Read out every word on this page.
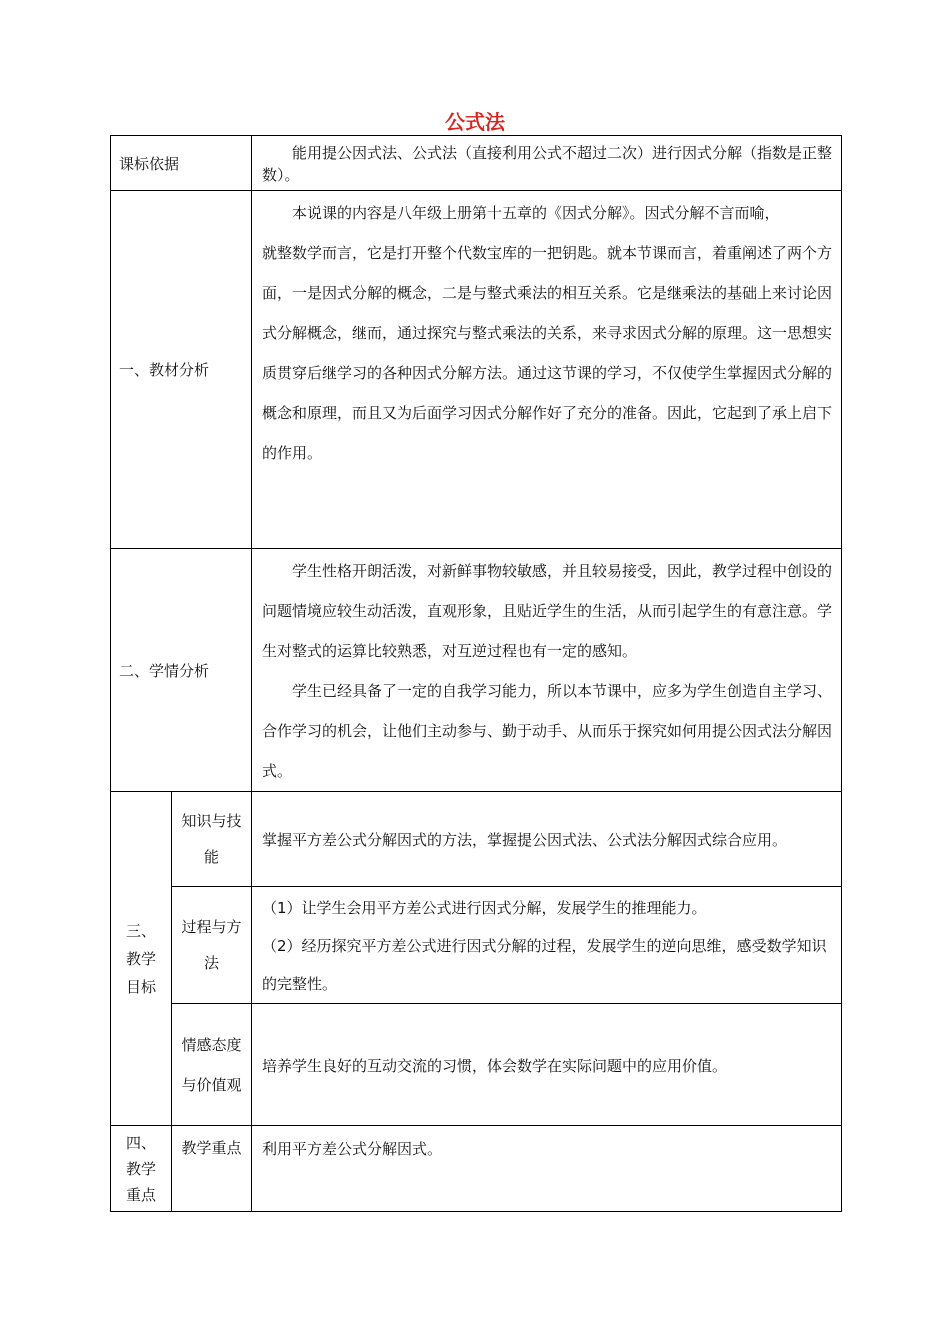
公式法
课标依据		能用提公因式法、公式法（直接利用公式不超过二次）进行因式分解（指数是正整数）。

一、教材分析		本说课的内容是八年级上册第十五章的《因式分解》。因式分解不言而喻，

就整数学而言，它是打开整个代数宝库的一把钥匙。就本节课而言，着重阐述了两个方面，一是因式分解的概念，二是与整式乘法的相互关系。它是继乘法的基础上来讨论因式分解概念，继而，通过探究与整式乘法的关系，来寻求因式分解的原理。这一思想实质贯穿后继学习的各种因式分解方法。通过这节课的学习，不仅使学生掌握因式分解的概念和原理，而且又为后面学习因式分解作好了充分的准备。因此，它起到了承上启下的作用。

二、学情分析		学生性格开朗活泼，对新鲜事物较敏感，并且较易接受，因此，教学过程中创设的问题情境应较生动活泼，直观形象，且贴近学生的生活，从而引起学生的有意注意。学生对整式的运算比较熟悉，对互逆过程也有一定的感知。

学生已经具备了一定的自我学习能力，所以本节课中，应多为学生创造自主学习、合作学习的机会，让他们主动参与、勤于动手、从而乐于探究如何用提公因式法分解因式。

三、教学目标	知识与技能	掌握平方差公式分解因式的方法，掌握提公因式法、公式法分解因式综合应用。

	过程与方法	（1）让学生会用平方差公式进行因式分解，发展学生的推理能力。

（2）经历探究平方差公式进行因式分解的过程，发展学生的逆向思维，感受数学知识的完整性。

	情感态度与价值观	培养学生良好的互动交流的习惯，体会数学在实际问题中的应用价值。

四、教学重点	教学重点	利用平方差公式分解因式。
